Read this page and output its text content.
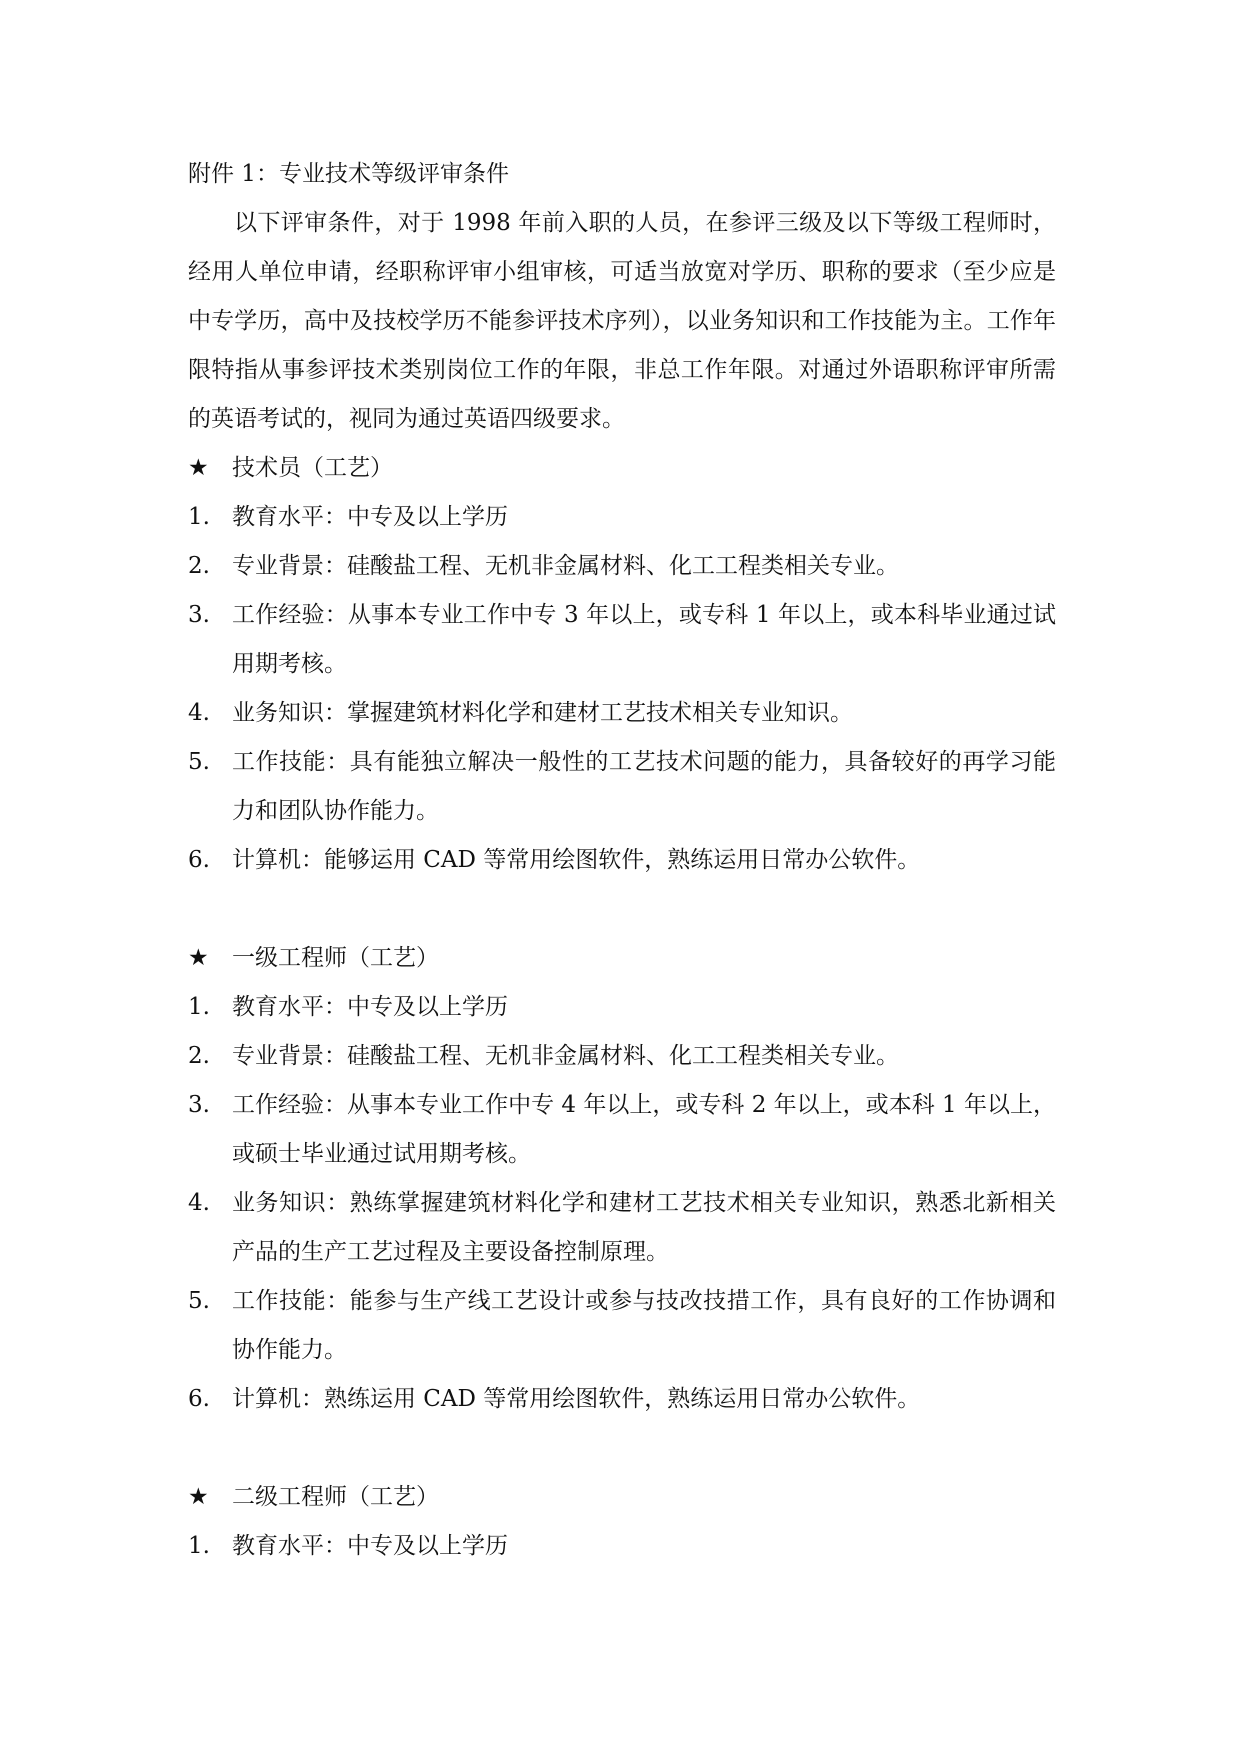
附件 1：专业技术等级评审条件
以下评审条件，对于 1998 年前入职的人员，在参评三级及以下等级工程师时，经用人单位申请，经职称评审小组审核，可适当放宽对学历、职称的要求（至少应是中专学历，高中及技校学历不能参评技术序列），以业务知识和工作技能为主。工作年限特指从事参评技术类别岗位工作的年限，非总工作年限。对通过外语职称评审所需的英语考试的，视同为通过英语四级要求。
★	技术员（工艺）
1. 教育水平：中专及以上学历
2. 专业背景：硅酸盐工程、无机非金属材料、化工工程类相关专业。
3. 工作经验：从事本专业工作中专 3 年以上，或专科 1 年以上，或本科毕业通过试用期考核。
4. 业务知识：掌握建筑材料化学和建材工艺技术相关专业知识。
5. 工作技能：具有能独立解决一般性的工艺技术问题的能力，具备较好的再学习能力和团队协作能力。
6. 计算机：能够运用 CAD 等常用绘图软件，熟练运用日常办公软件。
★	一级工程师（工艺）
1. 教育水平：中专及以上学历
2. 专业背景：硅酸盐工程、无机非金属材料、化工工程类相关专业。
3. 工作经验：从事本专业工作中专 4 年以上，或专科 2 年以上，或本科 1 年以上，或硕士毕业通过试用期考核。
4. 业务知识：熟练掌握建筑材料化学和建材工艺技术相关专业知识，熟悉北新相关产品的生产工艺过程及主要设备控制原理。
5. 工作技能：能参与生产线工艺设计或参与技改技措工作，具有良好的工作协调和协作能力。
6. 计算机：熟练运用 CAD 等常用绘图软件，熟练运用日常办公软件。
★	二级工程师（工艺）
1. 教育水平：中专及以上学历
